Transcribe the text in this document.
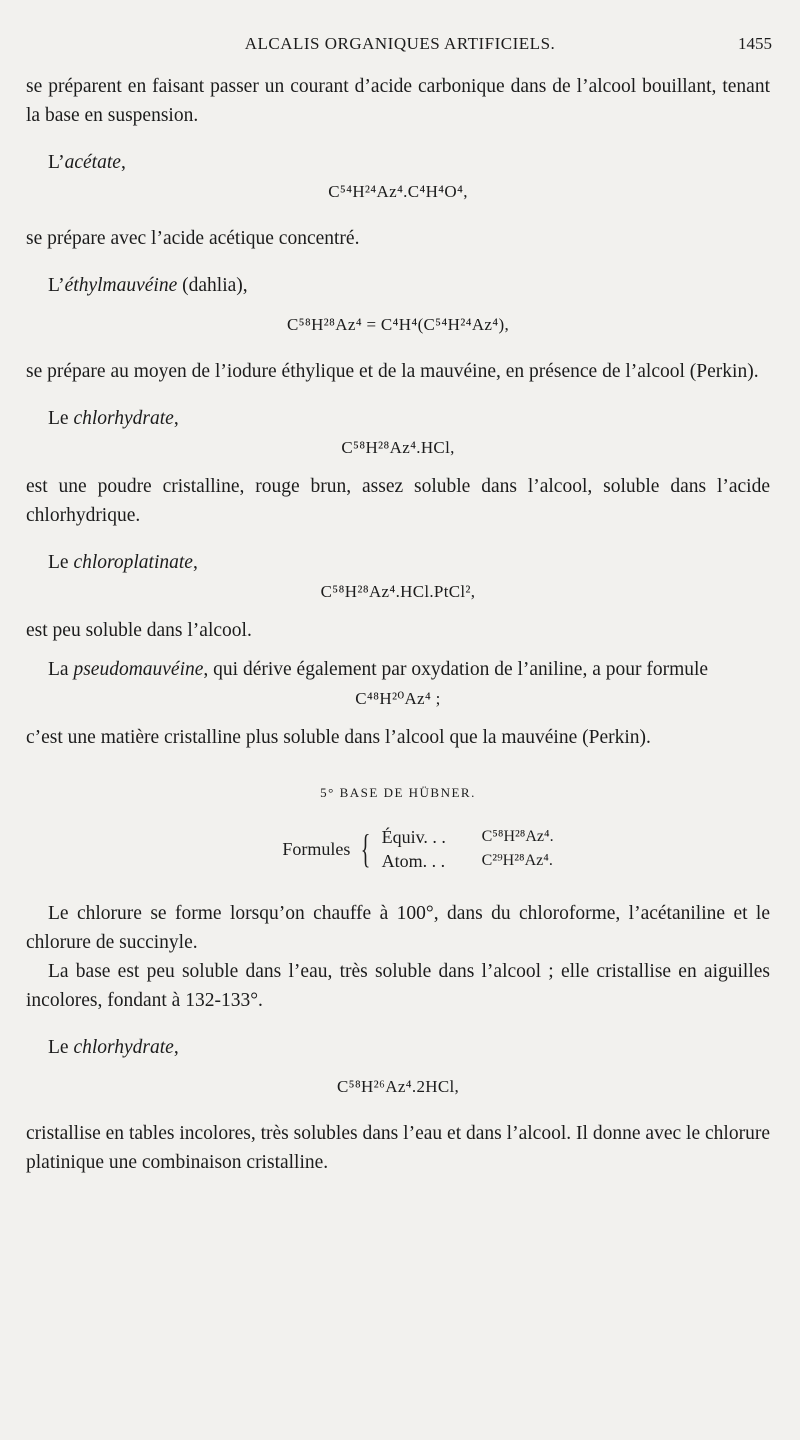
ALCALIS ORGANIQUES ARTIFICIELS.	1455

se préparent en faisant passer un courant d’acide carbonique dans de l’alcool bouillant, tenant la base en suspension.

L’acétate,

C⁵⁴H²⁴Az⁴.C⁴H⁴O⁴,

se prépare avec l’acide acétique concentré.

L’éthylmauvéine (dahlia),

C⁵⁸H²⁸Az⁴ = C⁴H⁴(C⁵⁴H²⁴Az⁴),

se prépare au moyen de l’iodure éthylique et de la mauvéine, en présence de l’alcool (Perkin).

Le chlorhydrate,

C⁵⁸H²⁸Az⁴.HCl,

est une poudre cristalline, rouge brun, assez soluble dans l’alcool, soluble dans l’acide chlorhydrique.

Le chloroplatinate,

C⁵⁸H²⁸Az⁴.HCl.PtCl²,

est peu soluble dans l’alcool.

La pseudomauvéine, qui dérive également par oxydation de l’aniline, a pour formule

C⁴⁸H²⁰Az⁴ ;

c’est une matière cristalline plus soluble dans l’alcool que la mauvéine (Perkin).

5° BASE DE HÜBNER.
Formules { Équiv. . .	C⁵⁸H²⁸Az⁴.
Atom. . .	C²⁹H²⁸Az⁴.

Le chlorure se forme lorsqu’on chauffe à 100°, dans du chloroforme, l’acétaniline et le chlorure de succinyle.

La base est peu soluble dans l’eau, très soluble dans l’alcool ; elle cristallise en aiguilles incolores, fondant à 132-133°.

Le chlorhydrate,

C⁵⁸H²⁶Az⁴.2HCl,

cristallise en tables incolores, très solubles dans l’eau et dans l’alcool. Il donne avec le chlorure platinique une combinaison cristalline.
